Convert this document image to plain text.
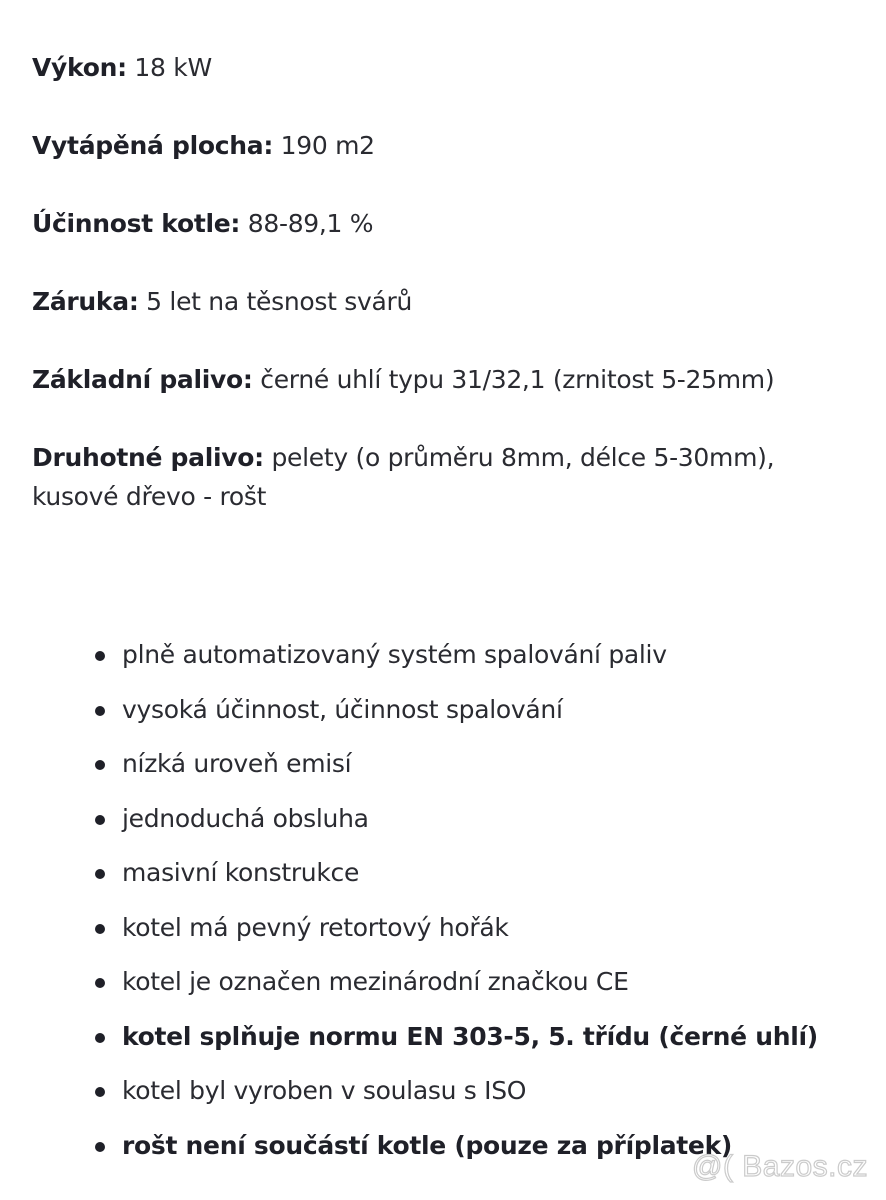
Výkon: 18 kW

Vytápěná plocha: 190 m2

Účinnost kotle: 88-89,1 %

Záruka: 5 let na těsnost svárů

Základní palivo: černé uhlí typu 31/32,1 (zrnitost 5-25mm)

Druhotné palivo: pelety (o průměru 8mm, délce 5-30mm), kusové dřevo - rošt

plně automatizovaný systém spalování paliv
vysoká účinnost, účinnost spalování
nízká uroveň emisí
jednoduchá obsluha
masivní konstrukce
kotel má pevný retortový hořák
kotel je označen mezinárodní značkou CE
kotel splňuje normu EN 303-5, 5. třídu (černé uhlí)
kotel byl vyroben v soulasu s ISO
rošt není součástí kotle (pouze za příplatek)
@( Bazos.cz
